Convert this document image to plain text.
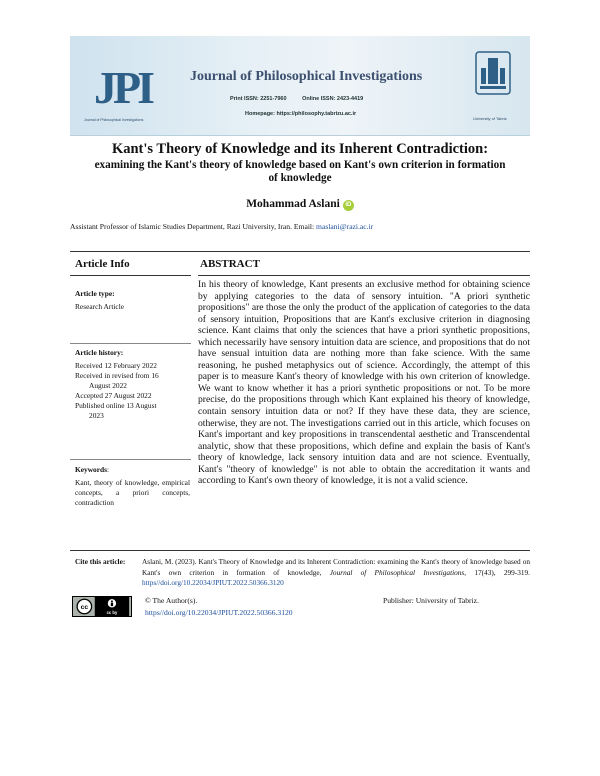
JPI
Journal of Philosophical Investigations
Journal of Philosophical Investigations
Print ISSN: 2251-7960	Online ISSN: 2423-4419
Homepage: https://philosophy.tabrizu.ac.ir
University of Tabriz
Kant's Theory of Knowledge and its Inherent Contradiction:
examining the Kant's theory of knowledge based on Kant's own criterion in formation of knowledge
Mohammad Aslani iD
Assistant Professor of Islamic Studies Department, Razi University, Iran. Email: maslani@razi.ac.ir
Article Info	ABSTRACT
Article type:
Research Article
Article history:
Received 12 February 2022

Received in revised from 16
August 2022

Accepted 27 August 2022

Published online 13 August
2023

Keywords:

Kant, theory of knowledge, empirical concepts, a priori concepts, contradiction

In his theory of knowledge, Kant presents an exclusive method for obtaining science by applying categories to the data of sensory intuition. "A priori synthetic propositions" are those the only the product of the application of categories to the data of sensory intuition, Propositions that are Kant's exclusive criterion in diagnosing science. Kant claims that only the sciences that have a priori synthetic propositions, which necessarily have sensory intuition data are science, and propositions that do not have sensual intuition data are nothing more than fake science. With the same reasoning, he pushed metaphysics out of science. Accordingly, the attempt of this paper is to measure Kant's theory of knowledge with his own criterion of knowledge. We want to know whether it has a priori synthetic propositions or not. To be more precise, do the propositions through which Kant explained his theory of knowledge, contain sensory intuition data or not? If they have these data, they are science, otherwise, they are not. The investigations carried out in this article, which focuses on Kant's important and key propositions in transcendental aesthetic and Transcendental analytic, show that these propositions, which define and explain the basis of Kant's theory of knowledge, lack sensory intuition data and are not science. Eventually, Kant's "theory of knowledge" is not able to obtain the accreditation it wants and according to Kant's own theory of knowledge, it is not a valid science.
Cite this article: Aslani, M. (2023). Kant's Theory of Knowledge and its Inherent Contradiction: examining the Kant's theory of knowledge based on Kant's own criterion in formation of knowledge, Journal of Philosophical Investigations, 17(43), 299-319. https//doi.org/10.22034/JPIUT.2022.50366.3120
cc
cc by
© The Author(s).	Publisher: University of Tabriz.
https//doi.org/10.22034/JPIUT.2022.50366.3120
